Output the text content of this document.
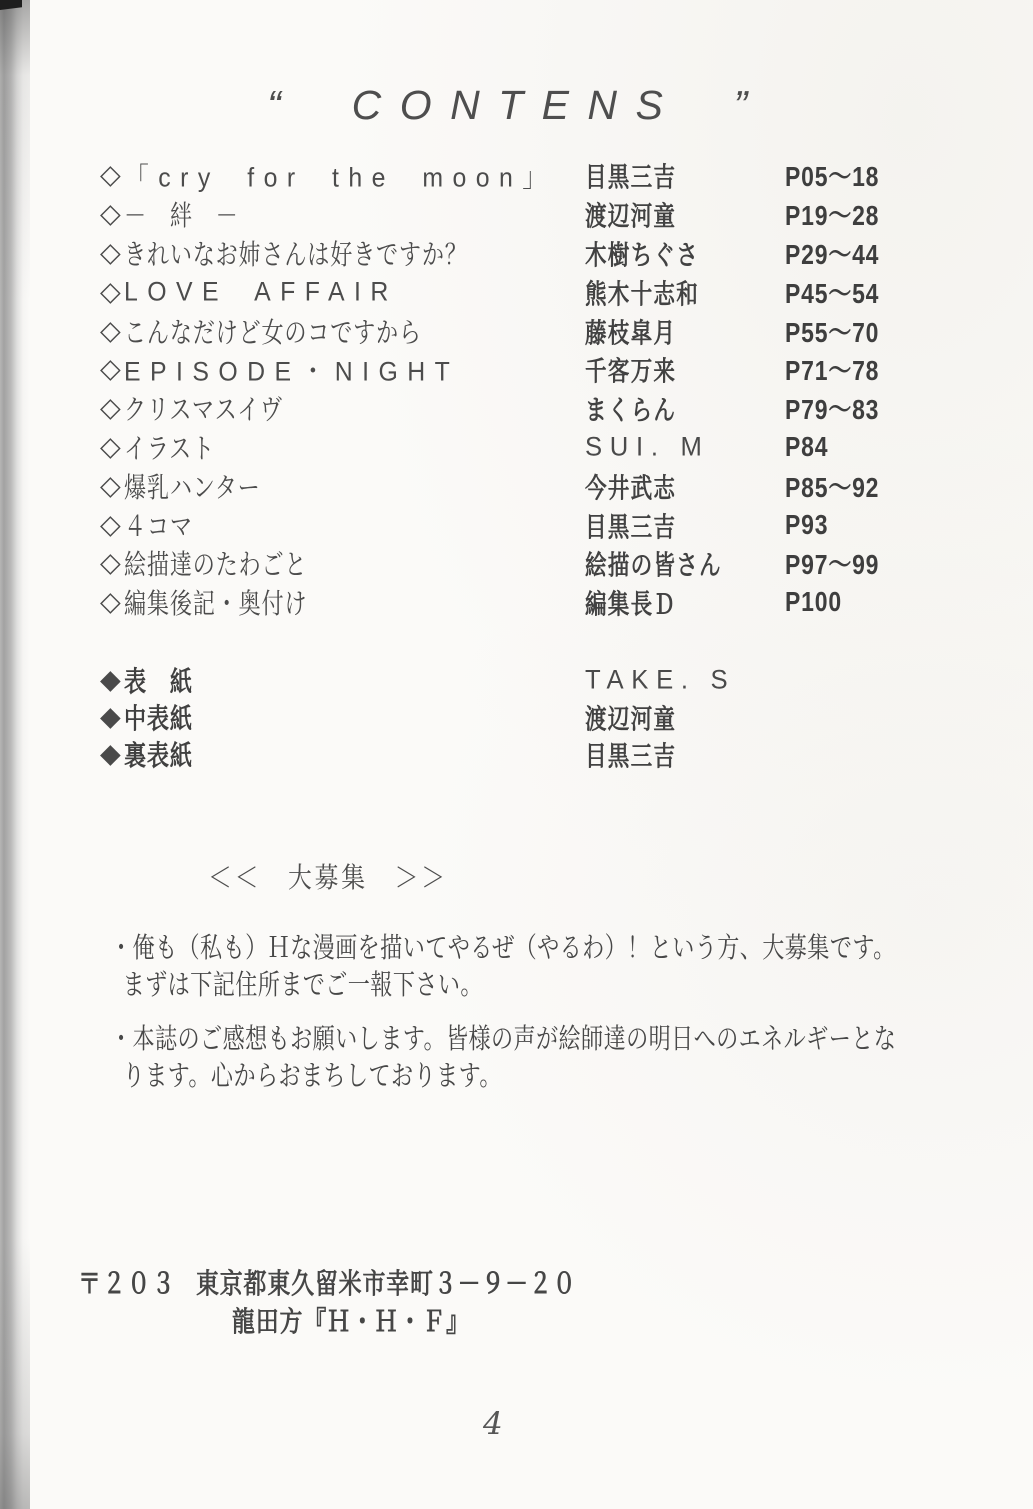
“ CONTENS ”
◇ 「cry for the moon」 目黒三吉	P05〜18
◇ －　絆　－	渡辺河童	P19〜28
◇ きれいなお姉さんは好きですか？	木樹ちぐさ	P29〜44
◇ LOVE AFFAIR	熊木十志和	P45〜54
◇ こんなだけど女のコですから	藤枝皐月	P55〜70
◇ EPISODE・NIGHT	千客万来	P71〜78
◇ クリスマスイヴ	まくらん	P79〜83
◇ イラスト	SUI. M	P84
◇ 爆乳ハンター	今井武志	P85〜92
◇ ４コマ	目黒三吉	P93
◇ 絵描達のたわごと	絵描の皆さん P97〜99
◇ 編集後記・奥付け	編集長Ｄ	P100
◆ 表　紙	TAKE. S
◆ 中表紙	渡辺河童
◆ 裏表紙	目黒三吉
＜＜　大募集　＞＞
・俺も（私も）Ｈな漫画を描いてやるぜ（やるわ）！という方、大募集です。
まずは下記住所までご一報下さい。
・本誌のご感想もお願いします。皆様の声が絵師達の明日へのエネルギーとな
ります。心からおまちしております。
〒２０３ 東京都東久留米市幸町３－９－２０
龍田方『Ｈ・Ｈ・Ｆ』
4
